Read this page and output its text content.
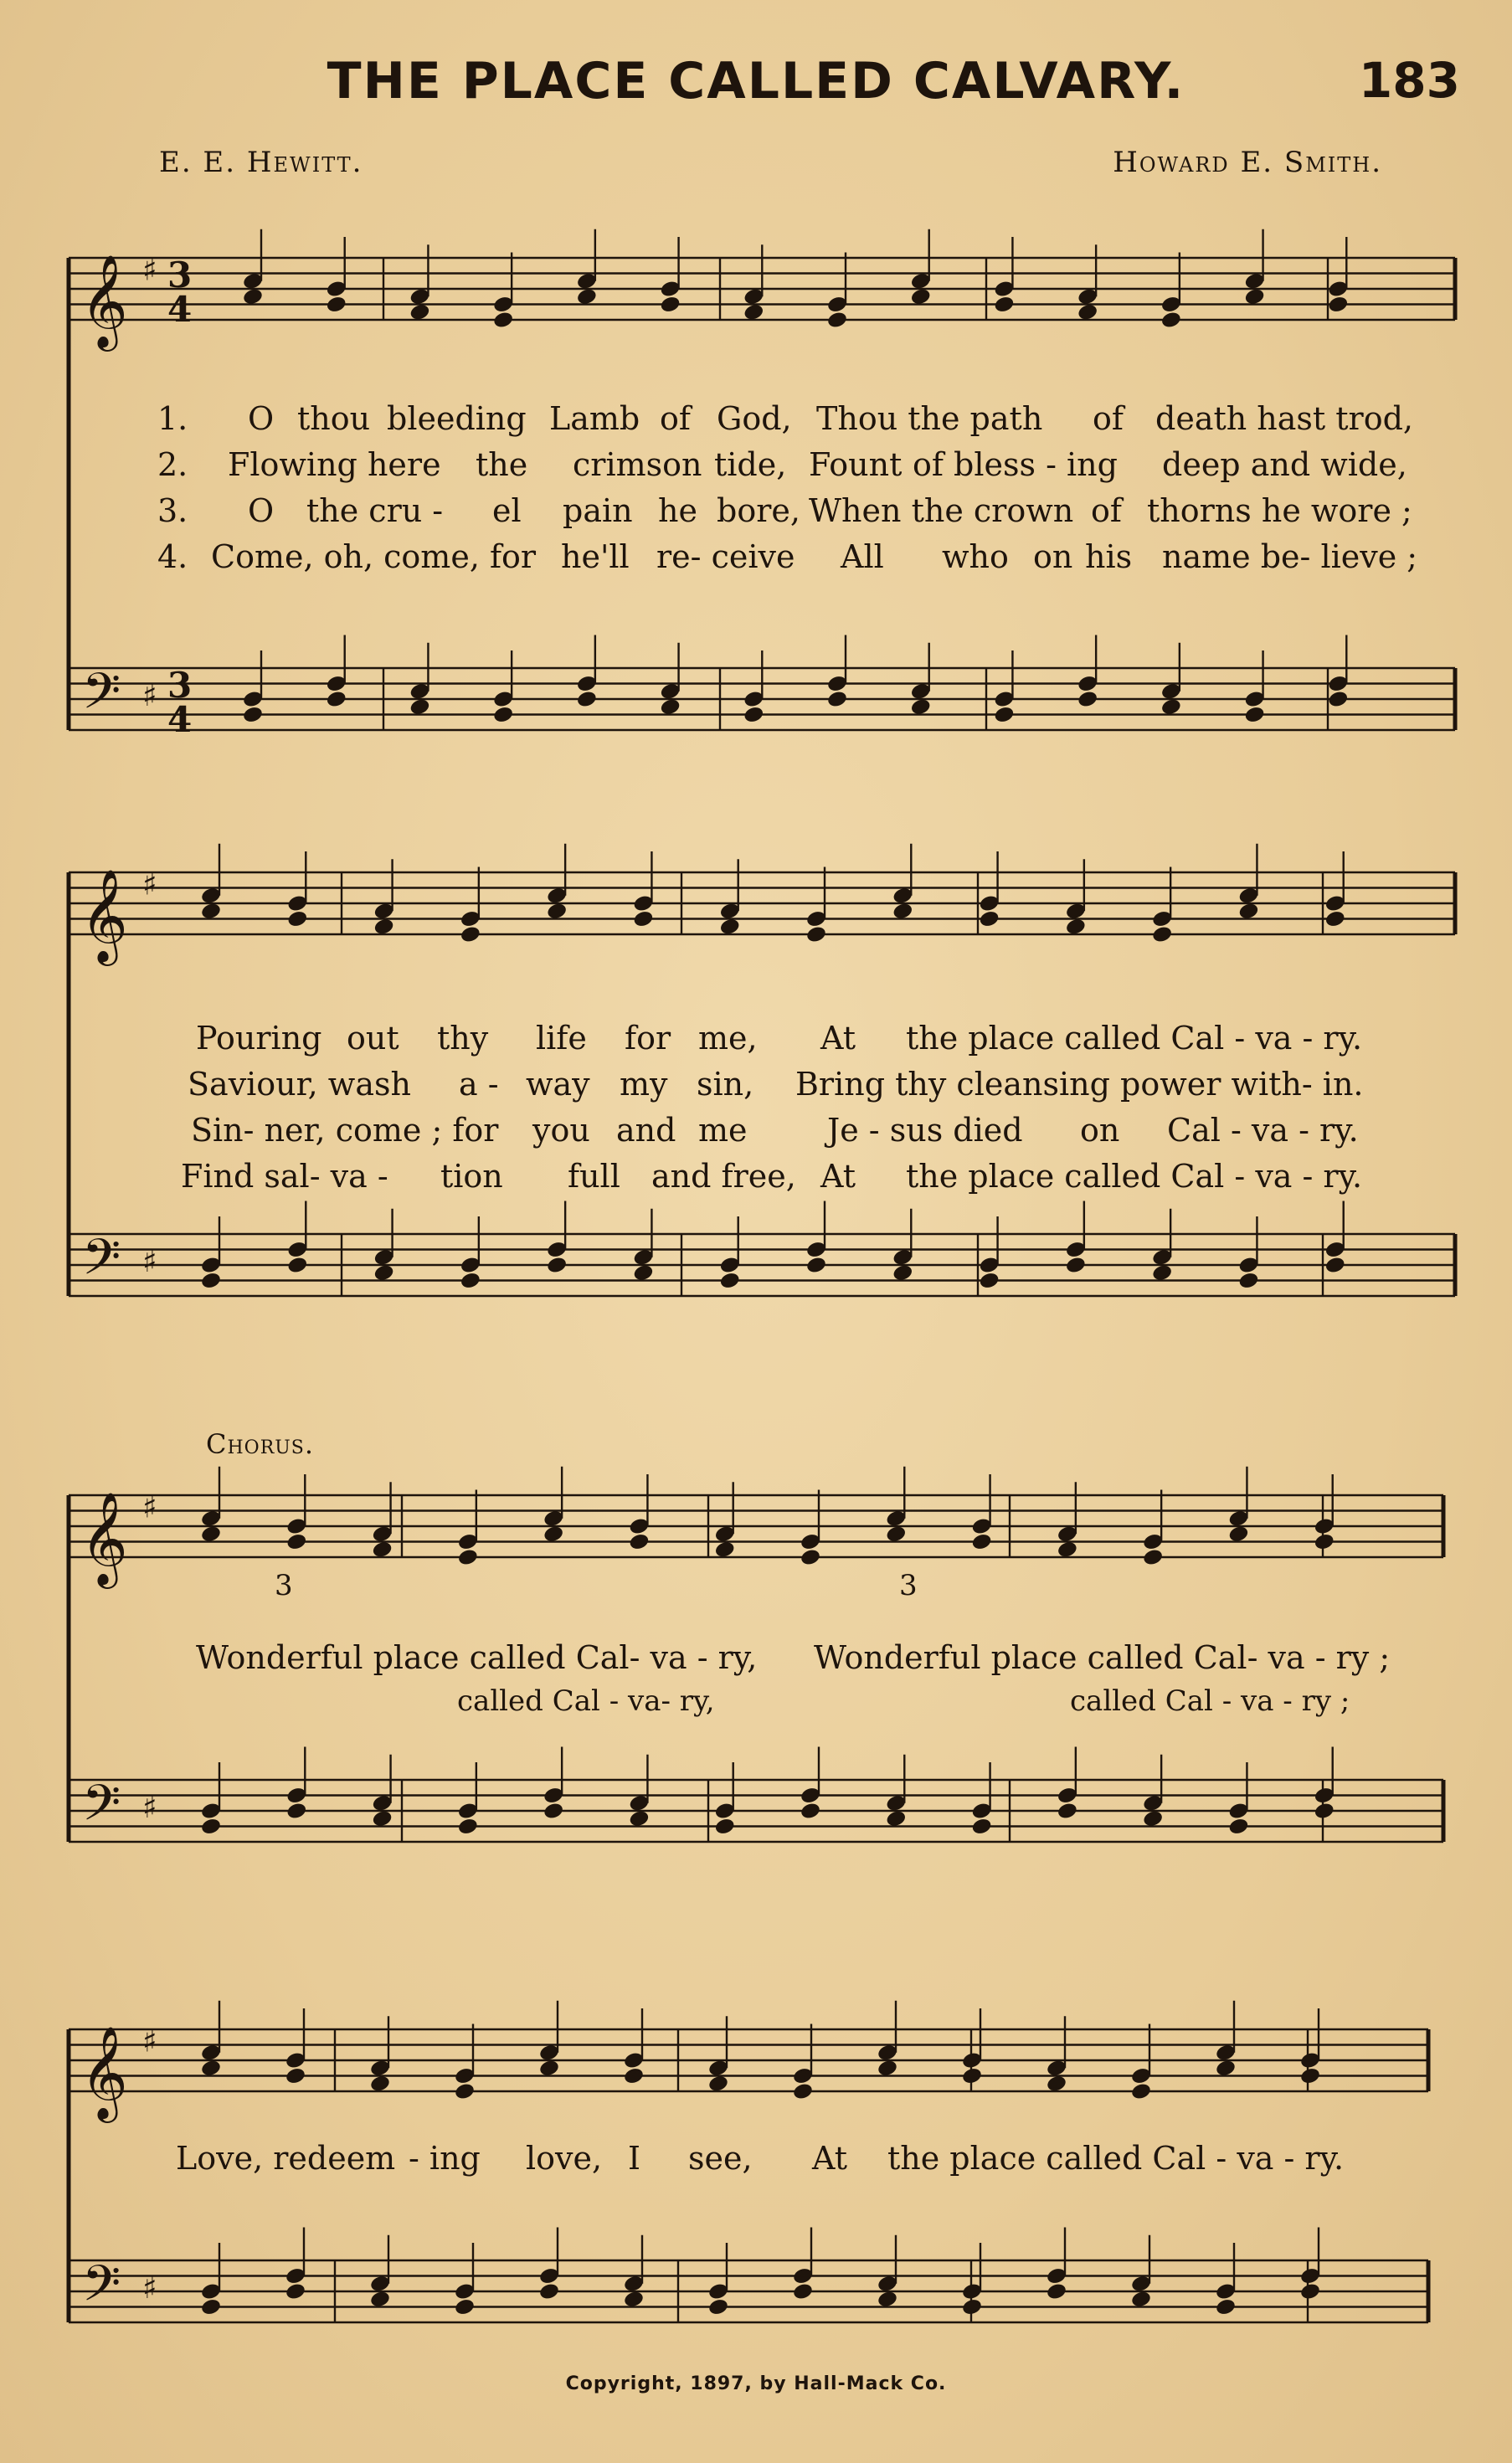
𝄞
𝄢
♯
♯
3
4
3
4
𝄞
𝄢
♯
♯
𝄞
𝄢
♯
♯
𝄞
𝄢
♯
♯
THE PLACE CALLED CALVARY.	183
E. E. Hewitt.	Howard E. Smith.
1. O thou bleeding Lamb of God, Thou the path of death hast trod,
2. Flowing here the crimson tide, Fount of bless - ing deep and wide,
3. O the cru - el pain he bore, When the crown of thorns he wore ;
4. Come, oh, come, for he'll re- ceive All who on his name be- lieve ;
Pouring out thy life for me, At the place called Cal - va - ry.
Saviour, wash a - way my sin, Bring thy cleansing power with- in.
Sin- ner, come ; for you and me	Je - sus died on Cal - va - ry.
Find sal- va - tion full and free, At the place called Cal - va - ry.
Chorus.
Wonderful place called Cal- va - ry, Wonderful place called Cal- va - ry ;
called Cal - va- ry,	called Cal - va - ry ;
Love, redeem - ing love, I see, At the place called Cal - va - ry.
3	3
Copyright, 1897, by Hall-Mack Co.
